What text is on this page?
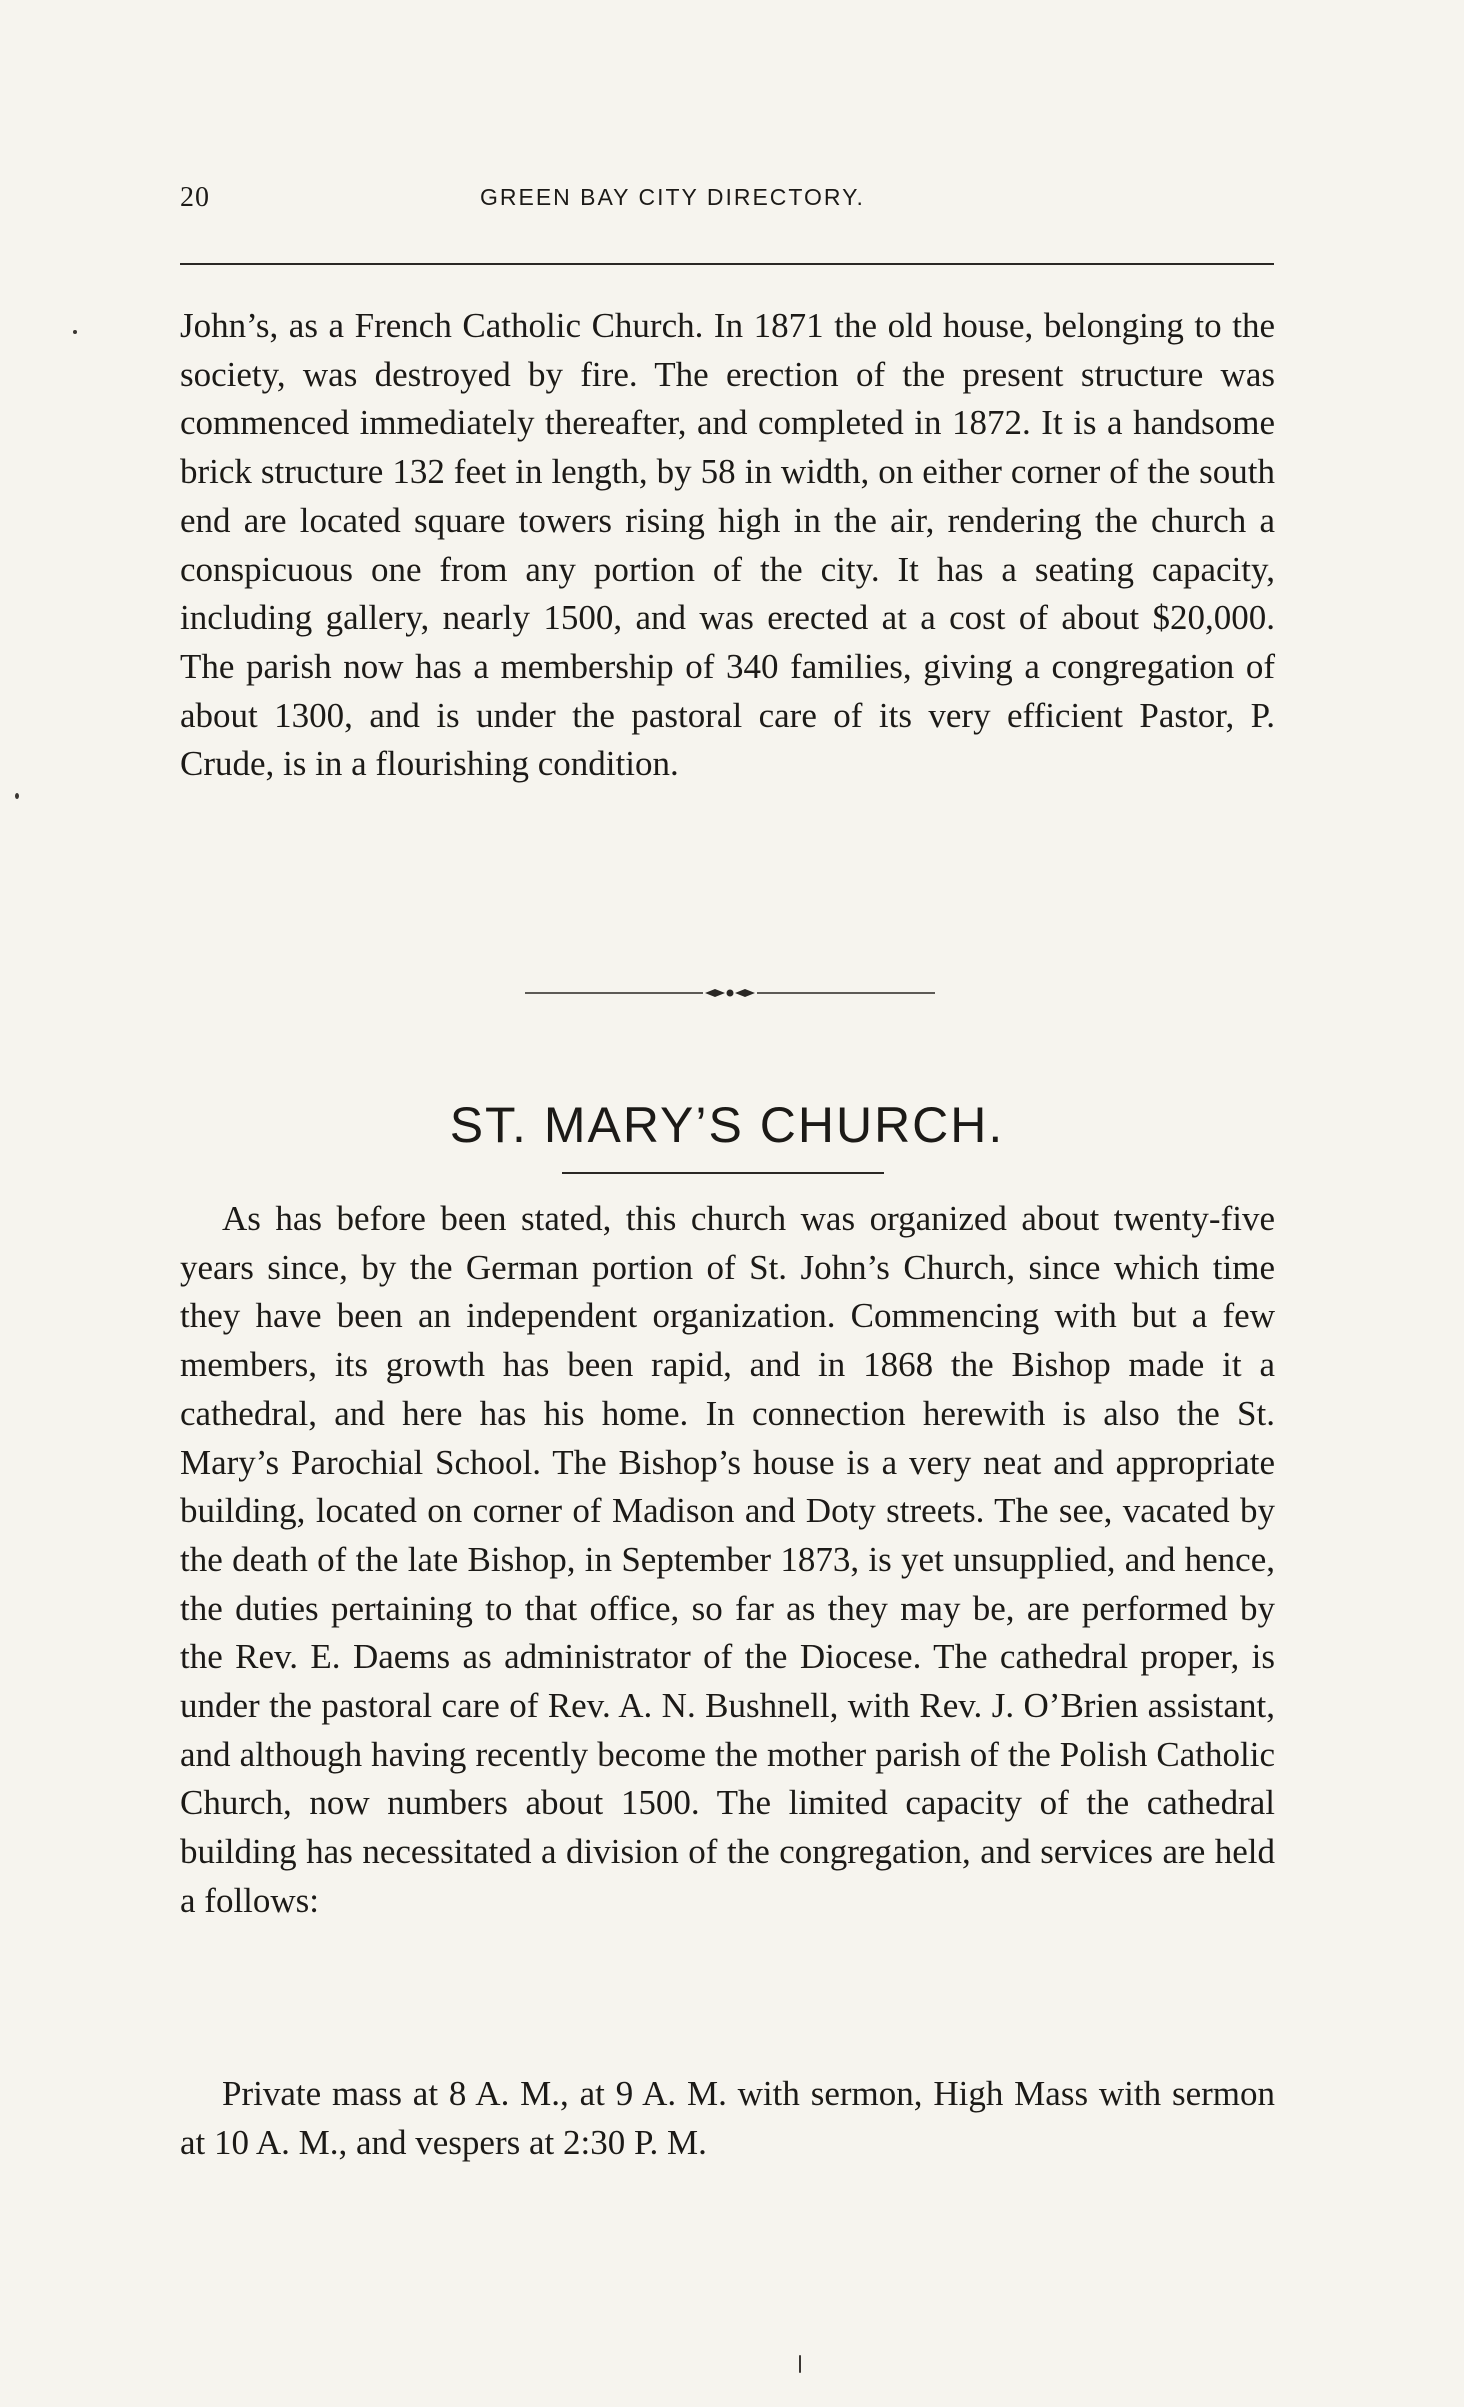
20	GREEN BAY CITY DIRECTORY.

John’s, as a French Catholic Church. In 1871 the old house, belonging to the society, was destroyed by fire. The erection of the present structure was commenced immediately thereafter, and completed in 1872. It is a handsome brick structure 132 feet in length, by 58 in width, on either corner of the south end are located square towers rising high in the air, rendering the church a conspicuous one from any portion of the city. It has a seating capacity, including gallery, nearly 1500, and was erected at a cost of about $20,000. The parish now has a membership of 340 families, giving a congregation of about 1300, and is under the pastoral care of its very efficient Pastor, P. Crude, is in a flourishing condition.

ST. MARY’S CHURCH.

As has before been stated, this church was organized about twenty-five years since, by the German portion of St. John’s Church, since which time they have been an independent organization. Commencing with but a few members, its growth has been rapid, and in 1868 the Bishop made it a cathedral, and here has his home. In connection herewith is also the St. Mary’s Parochial School. The Bishop’s house is a very neat and appropriate building, located on corner of Madison and Doty streets. The see, vacated by the death of the late Bishop, in September 1873, is yet unsupplied, and hence, the duties pertaining to that office, so far as they may be, are performed by the Rev. E. Daems as administrator of the Diocese. The cathedral proper, is under the pastoral care of Rev. A. N. Bushnell, with Rev. J. O’Brien assistant, and although having recently become the mother parish of the Polish Catholic Church, now numbers about 1500. The limited capacity of the cathedral building has necessitated a division of the congregation, and services are held a follows:

Private mass at 8 A. M., at 9 A. M. with sermon, High Mass with sermon at 10 A. M., and vespers at 2:30 P. M.
